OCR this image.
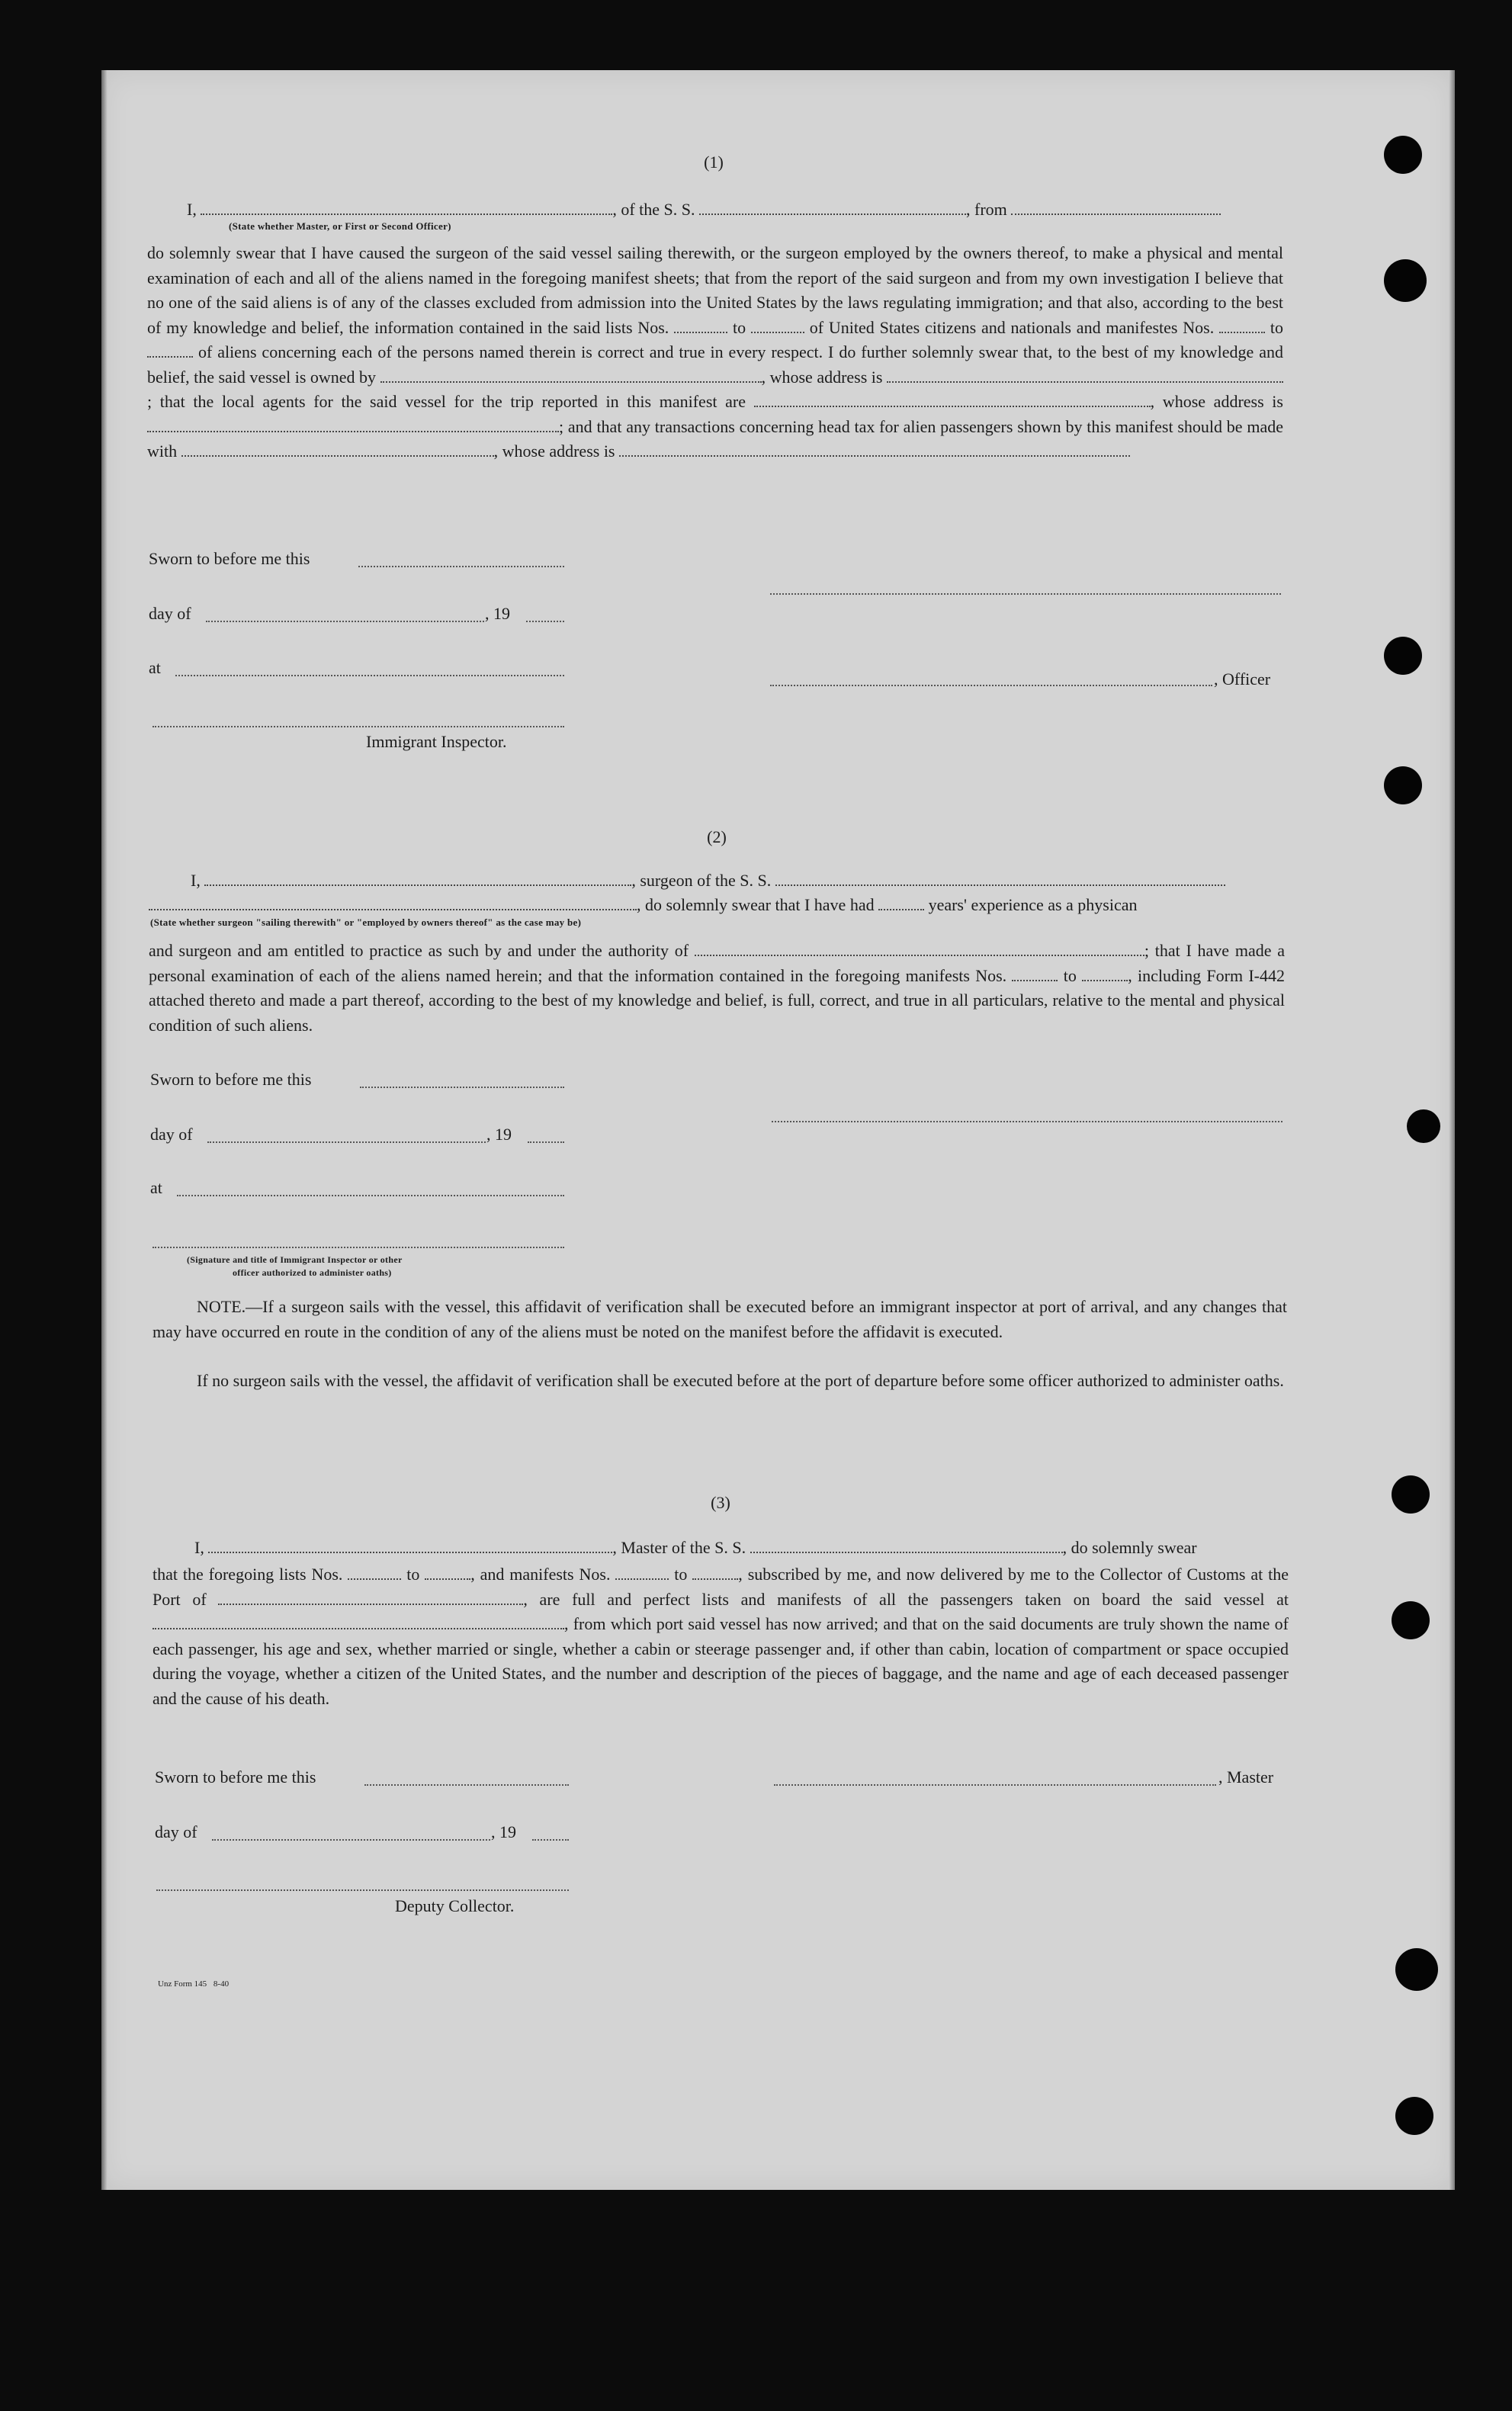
(1)
I,	, of the S. S.	, from
(State whether Master, or First or Second Officer)
do solemnly swear that I have caused the surgeon of the said vessel sailing therewith, or the surgeon employed by the owners thereof, to make a physical and mental examination of each and all of the aliens named in the foregoing manifest sheets; that from the report of the said surgeon and from my own investigation I believe that no one of the said aliens is of any of the classes excluded from admission into the United States by the laws regulating immigration; and that also, according to the best of my knowledge and belief, the information contained in the said lists Nos.	to	of United States citizens and nationals and manifestes Nos.	to  of aliens concerning each of the persons named therein is correct and true in every respect. I do further solemnly swear that, to the best of my knowledge and belief, the said vessel is owned by	, whose address is ; that the local agents for the said vessel for the trip reported in this manifest are	, whose address is ; and that any transactions concerning head tax for alien passengers shown by this manifest should be made with	, whose address is
Sworn to before me this
day of	, 19
at
, Officer
Immigrant Inspector.
(2)
I,	, surgeon of the S. S.
, do solemnly swear that I have had	years' experience as a physican
(State whether surgeon "sailing therewith" or "employed by owners thereof" as the case may be)
and surgeon and am entitled to practice as such by and under the authority of	; that I have made a personal examination of each of the aliens named herein; and that the information contained in the foregoing manifests Nos.	to	, including Form I-442 attached thereto and made a part thereof, according to the best of my knowledge and belief, is full, correct, and true in all particulars, relative to the mental and physical condition of such aliens.
Sworn to before me this
day of	, 19
at
(Signature and title of Immigrant Inspector or other
officer authorized to administer oaths)
NOTE.—If a surgeon sails with the vessel, this affidavit of verification shall be executed before an immigrant inspector at port of arrival, and any changes that may have occurred en route in the condition of any of the aliens must be noted on the manifest before the affidavit is executed.
If no surgeon sails with the vessel, the affidavit of verification shall be executed before at the port of departure before some officer authorized to administer oaths.
(3)
I,	, Master of the S. S.	, do solemnly swear
that the foregoing lists Nos.	to	, and manifests Nos.	to	, subscribed by me, and now delivered by me to the Collector of Customs at the Port of	, are full and perfect lists and manifests of all the passengers taken on board the said vessel at , from which port said vessel has now arrived; and that on the said documents are truly shown the name of each passenger, his age and sex, whether married or single, whether a cabin or steerage passenger and, if other than cabin, location of compartment or space occupied during the voyage, whether a citizen of the United States, and the number and description of the pieces of baggage, and the name and age of each deceased passenger and the cause of his death.
Sworn to before me this	, Master
day of	, 19
Deputy Collector.
Unz Form 145 8-40
